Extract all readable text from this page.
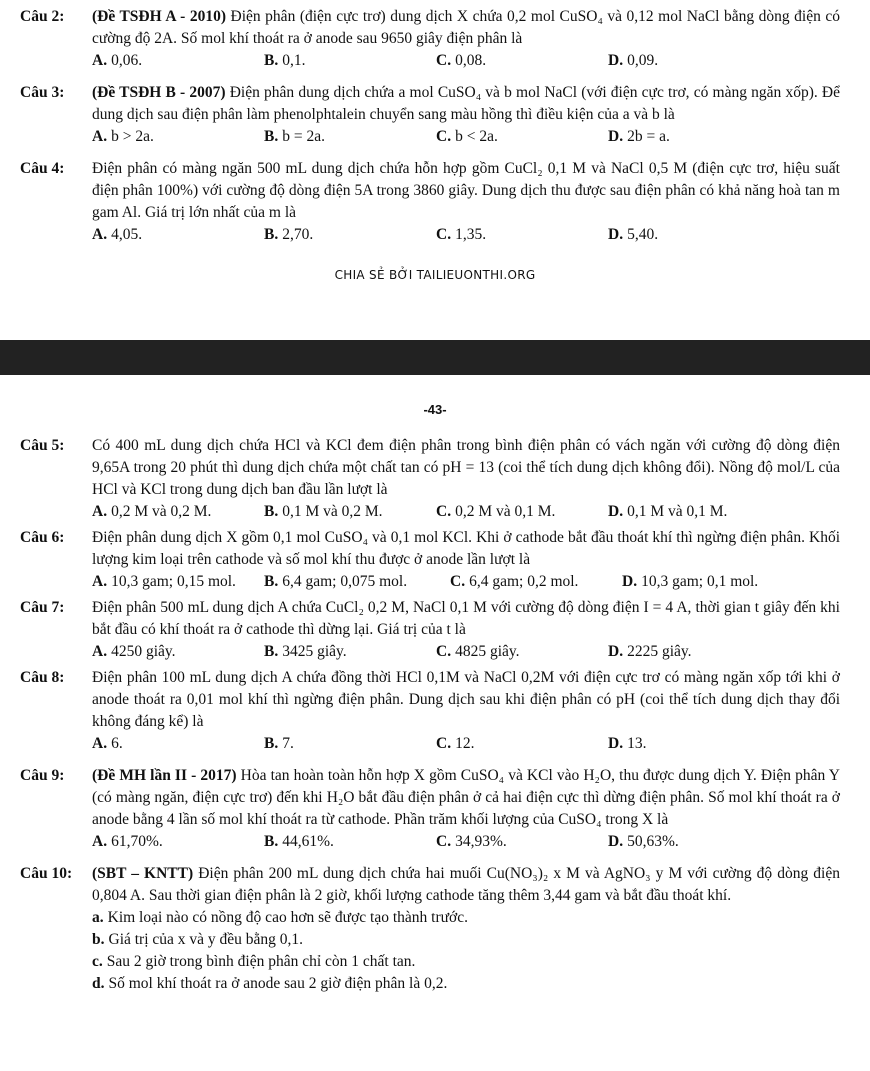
Câu 2: (Đề TSĐH A - 2010) Điện phân (điện cực trơ) dung dịch X chứa 0,2 mol CuSO₄ và 0,12 mol NaCl bằng dòng điện có cường độ 2A. Số mol khí thoát ra ở anode sau 9650 giây điện phân là
A. 0,06.	B. 0,1.	C. 0,08.	D. 0,09.
Câu 3: (Đề TSĐH B - 2007) Điện phân dung dịch chứa a mol CuSO₄ và b mol NaCl (với điện cực trơ, có màng ngăn xốp). Để dung dịch sau điện phân làm phenolphtalein chuyển sang màu hồng thì điều kiện của a và b là
A. b > 2a.	B. b = 2a.	C. b < 2a.	D. 2b = a.
Câu 4: Điện phân có màng ngăn 500 mL dung dịch chứa hỗn hợp gồm CuCl₂ 0,1 M và NaCl 0,5 M (điện cực trơ, hiệu suất điện phân 100%) với cường độ dòng điện 5A trong 3860 giây. Dung dịch thu được sau điện phân có khả năng hoà tan m gam Al. Giá trị lớn nhất của m là
A. 4,05.	B. 2,70.	C. 1,35.	D. 5,40.
CHIA SẺ BỞI TAILIEUONTHI.ORG
-43-
Câu 5: Có 400 mL dung dịch chứa HCl và KCl đem điện phân trong bình điện phân có vách ngăn với cường độ dòng điện 9,65A trong 20 phút thì dung dịch chứa một chất tan có pH = 13 (coi thể tích dung dịch không đổi). Nồng độ mol/L của HCl và KCl trong dung dịch ban đầu lần lượt là
A. 0,2 M và 0,2 M.	B. 0,1 M và 0,2 M.	C. 0,2 M và 0,1 M.	D. 0,1 M và 0,1 M.
Câu 6: Điện phân dung dịch X gồm 0,1 mol CuSO₄ và 0,1 mol KCl. Khi ở cathode bắt đầu thoát khí thì ngừng điện phân. Khối lượng kim loại trên cathode và số mol khí thu được ở anode lần lượt là
A. 10,3 gam; 0,15 mol.	B. 6,4 gam; 0,075 mol.	C. 6,4 gam; 0,2 mol.	D. 10,3 gam; 0,1 mol.
Câu 7: Điện phân 500 mL dung dịch A chứa CuCl₂ 0,2 M, NaCl 0,1 M với cường độ dòng điện I = 4 A, thời gian t giây đến khi bắt đầu có khí thoát ra ở cathode thì dừng lại. Giá trị của t là
A. 4250 giây.	B. 3425 giây.	C. 4825 giây.	D. 2225 giây.
Câu 8: Điện phân 100 mL dung dịch A chứa đồng thời HCl 0,1M và NaCl 0,2M với điện cực trơ có màng ngăn xốp tới khi ở anode thoát ra 0,01 mol khí thì ngừng điện phân. Dung dịch sau khi điện phân có pH (coi thể tích dung dịch thay đổi không đáng kể) là
A. 6.	B. 7.	C. 12.	D. 13.
Câu 9: (Đề MH lần II - 2017) Hòa tan hoàn toàn hỗn hợp X gồm CuSO₄ và KCl vào H₂O, thu được dung dịch Y. Điện phân Y (có màng ngăn, điện cực trơ) đến khi H₂O bắt đầu điện phân ở cả hai điện cực thì dừng điện phân. Số mol khí thoát ra ở anode bằng 4 lần số mol khí thoát ra từ cathode. Phần trăm khối lượng của CuSO₄ trong X là
A. 61,70%.	B. 44,61%.	C. 34,93%.	D. 50,63%.
Câu 10: (SBT – KNTT) Điện phân 200 mL dung dịch chứa hai muối Cu(NO₃)₂ x M và AgNO₃ y M với cường độ dòng điện 0,804 A. Sau thời gian điện phân là 2 giờ, khối lượng cathode tăng thêm 3,44 gam và bắt đầu thoát khí.
a. Kim loại nào có nồng độ cao hơn sẽ được tạo thành trước.
b. Giá trị của x và y đều bằng 0,1.
c. Sau 2 giờ trong bình điện phân chỉ còn 1 chất tan.
d. Số mol khí thoát ra ở anode sau 2 giờ điện phân là 0,2.
